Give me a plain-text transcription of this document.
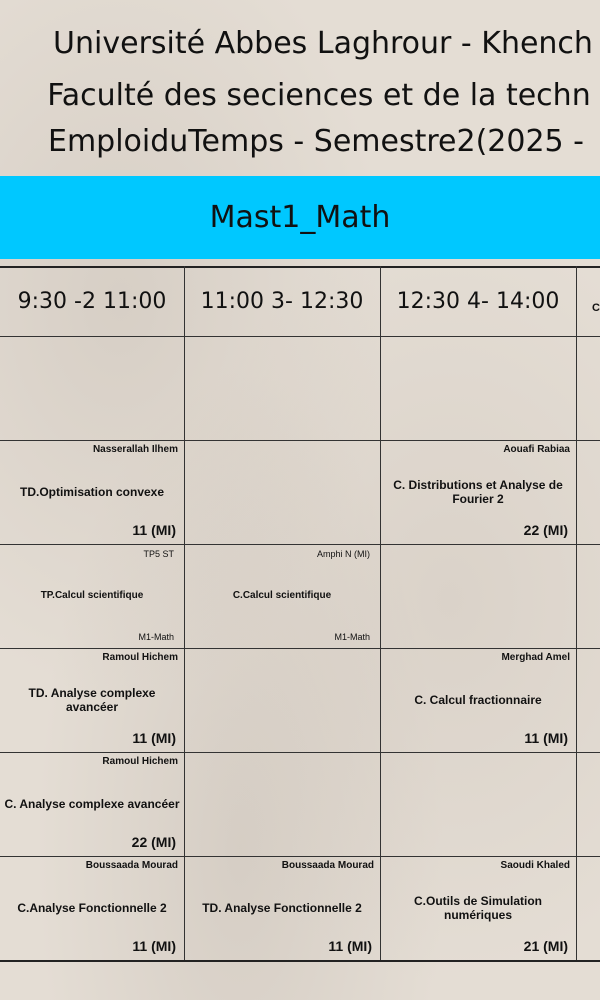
Université Abbes Laghrour - Khench
Faculté des seciences et de la techn
EmploiduTemps - Semestre2(2025 -
Mast1_Math
9:30 -2 11:00	11:00 3- 12:30	12:30 4- 14:00
Nasserallah Ilhem
TD.Optimisation convexe
11 (MI)
Aouafi Rabiaa
C. Distributions et Analyse de Fourier 2
22 (MI)
TP5 ST
TP.Calcul scientifique
M1-Math
Amphi N (MI)
C.Calcul scientifique
M1-Math
Ramoul Hichem
TD. Analyse complexe avancéer
11 (MI)
Merghad Amel
C. Calcul fractionnaire
11 (MI)
Ramoul Hichem
C. Analyse complexe avancéer
22 (MI)
Boussaada Mourad
C.Analyse Fonctionnelle 2
11 (MI)
Boussaada Mourad
TD. Analyse Fonctionnelle 2
11 (MI)
Saoudi Khaled
C.Outils de Simulation numériques
21 (MI)
C
